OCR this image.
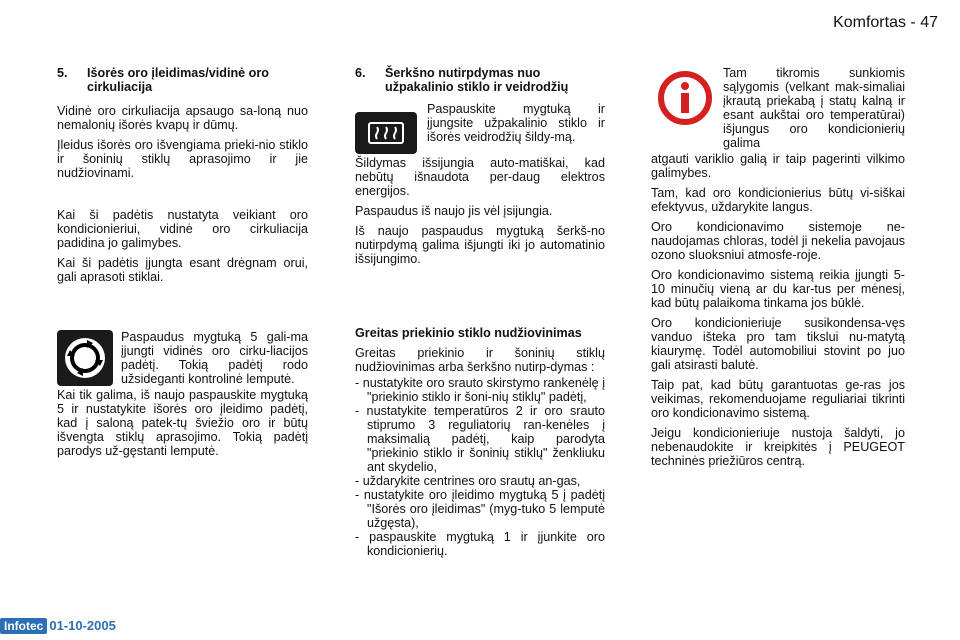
Komfortas - 47
5. Išorės oro įleidimas/vidinė oro cirkuliacija

Vidinė oro cirkuliacija apsaugo sa-loną nuo nemalonių išorės kvapų ir dūmų.

Įleidus išorės oro išvengiama prieki-nio stiklo ir šoninių stiklų aprasojimo ir jie nudžiovinami.

Kai ši padėtis nustatyta veikiant oro kondicionieriui, vidinė oro cirkuliacija padidina jo galimybes.

Kai ši padėtis įjungta esant drėgnam orui, gali aprasoti stiklai.

Paspaudus mygtuką 5 gali-ma įjungti vidinės oro cirku-liacijos padėtį. Tokią padėtį rodo užsideganti kontrolinė lemputė.

Kai tik galima, iš naujo paspauskite mygtuką 5 ir nustatykite išorės oro įleidimo padėtį, kad į saloną patek-tų šviežio oro ir būtų išvengta stiklų aprasojimo. Tokią padėtį parodys už-gęstanti lemputė.

6. Šerkšno nutirpdymas nuo užpakalinio stiklo ir veidrodžių

Paspauskite mygtuką ir įjungsite užpakalinio stiklo ir išorės veidrodžių šildy-mą.

Šildymas išsijungia auto-matiškai, kad nebūtų išnaudota per-daug elektros energijos.

Paspaudus iš naujo jis vėl įsijungia.

Iš naujo paspaudus mygtuką šerkš-no nutirpdymą galima išjungti iki jo automatinio išsijungimo.

Greitas priekinio stiklo nudžiovinimas

Greitas priekinio ir šoninių stiklų nudžiovinimas arba šerkšno nutirp-dymas :

- nustatykite oro srauto skirstymo rankenėlę į "priekinio stiklo ir šoni-nių stiklų" padėtį,
- nustatykite temperatūros 2 ir oro srauto stiprumo 3 reguliatorių ran-kenėles į maksimalią padėtį, kaip parodyta "priekinio stiklo ir šoninių stiklų" ženkliuku ant skydelio,
- uždarykite centrines oro srautų an-gas,
- nustatykite oro įleidimo mygtuką 5 į padėtį "Išorės oro įleidimas" (myg-tuko 5 lemputė užgęsta),
- paspauskite mygtuką 1 ir įjunkite oro kondicionierių.

Tam tikromis sunkiomis sąlygomis (velkant mak-simaliai įkrautą priekabą į statų kalną ir esant aukštai oro temperatūrai) išjungus oro kondicionierių galima

atgauti variklio galią ir taip pagerinti vilkimo galimybes.

Tam, kad oro kondicionierius būtų vi-siškai efektyvus, uždarykite langus.

Oro kondicionavimo sistemoje ne-naudojamas chloras, todėl ji nekelia pavojaus ozono sluoksniui atmosfe-roje.

Oro kondicionavimo sistemą reikia įjungti 5-10 minučių vieną ar du kar-tus per mėnesį, kad būtų palaikoma tinkama jos būklė.

Oro kondicionieriuje susikondensa-vęs vanduo išteka pro tam tikslui nu-matytą kiaurymę. Todėl automobiliui stovint po juo gali atsirasti balutė.

Taip pat, kad būtų garantuotas ge-ras jos veikimas, rekomenduojame reguliariai tikrinti oro kondicionavimo sistemą.

Jeigu kondicionieriuje nustoja šaldyti, jo nebenaudokite ir kreipkitės į PEUGEOT techninės priežiūros centrą.

Infotec 01-10-2005
